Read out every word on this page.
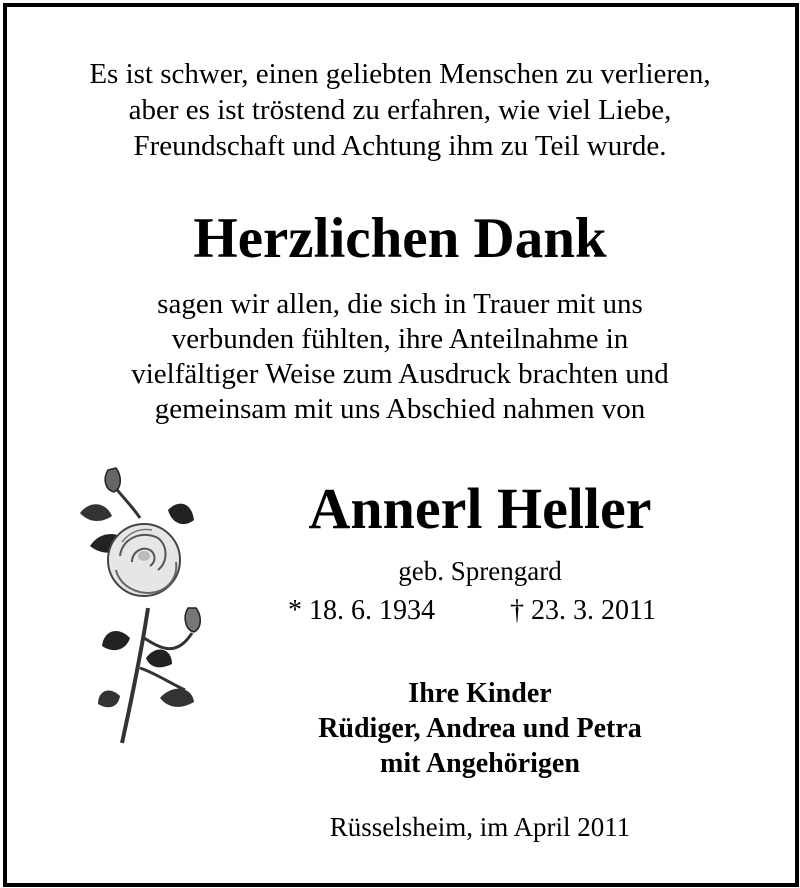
Es ist schwer, einen geliebten Menschen zu verlieren,
aber es ist tröstend zu erfahren, wie viel Liebe,
Freundschaft und Achtung ihm zu Teil wurde.
Herzlichen Dank
sagen wir allen, die sich in Trauer mit uns
verbunden fühlten, ihre Anteilnahme in
vielfältiger Weise zum Ausdruck brachten und
gemeinsam mit uns Abschied nahmen von
Annerl Heller
geb. Sprengard
* 18. 6. 1934	† 23. 3. 2011
Ihre Kinder
Rüdiger, Andrea und Petra
mit Angehörigen
Rüsselsheim, im April 2011
